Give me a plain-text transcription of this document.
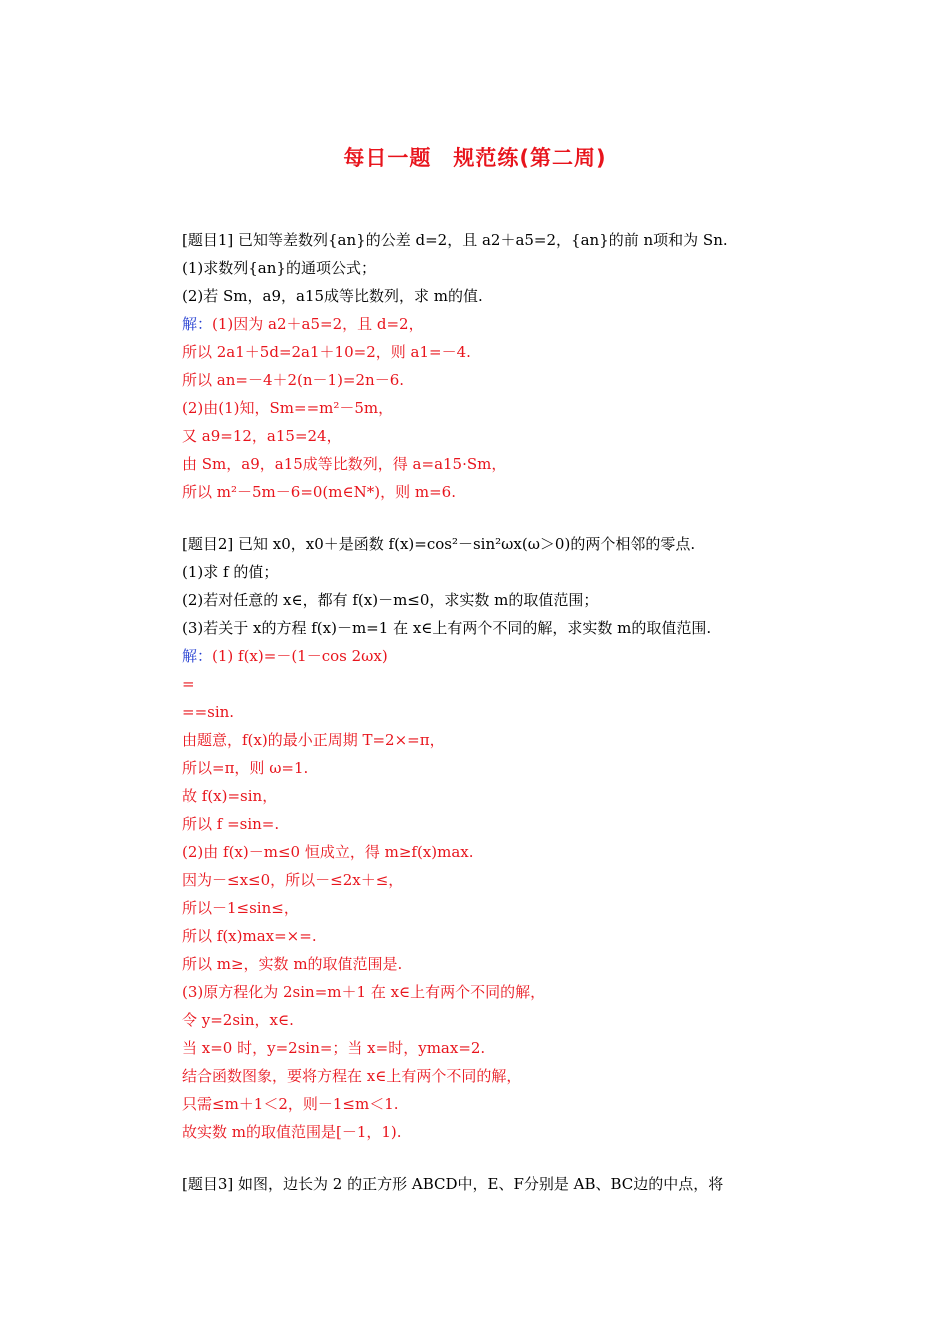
每日一题　规范练(第二周)
[题目1] 已知等差数列{an}的公差 d=2，且 a2＋a5=2，{an}的前 n项和为 Sn.
(1)求数列{an}的通项公式；
(2)若 Sm，a9，a15成等比数列，求 m的值.
解：(1)因为 a2＋a5=2，且 d=2，
所以 2a1＋5d=2a1＋10=2，则 a1=－4.
所以 an=－4＋2(n－1)=2n－6.
(2)由(1)知，Sm==m²－5m，
又 a9=12，a15=24，
由 Sm，a9，a15成等比数列，得 a=a15·Sm，
所以 m²－5m－6=0(m∈N*)，则 m=6.
[题目2] 已知 x0，x0＋是函数 f(x)=cos²－sin²ωx(ω＞0)的两个相邻的零点.
(1)求 f 的值；
(2)若对任意的 x∈，都有 f(x)－m≤0，求实数 m的取值范围；
(3)若关于 x的方程 f(x)－m=1 在 x∈上有两个不同的解，求实数 m的取值范围.
解：(1) f(x)=－(1－cos 2ωx)
=
==sin.
由题意，f(x)的最小正周期 T=2×=π，
所以=π，则 ω=1.
故 f(x)=sin，
所以 f =sin=.
(2)由 f(x)－m≤0 恒成立，得 m≥f(x)max.
因为－≤x≤0，所以－≤2x＋≤，
所以－1≤sin≤，
所以 f(x)max=×=.
所以 m≥，实数 m的取值范围是.
(3)原方程化为 2sin=m＋1 在 x∈上有两个不同的解，
令 y=2sin，x∈.
当 x=0 时，y=2sin=；当 x=时，ymax=2.
结合函数图象，要将方程在 x∈上有两个不同的解，
只需≤m＋1＜2，则－1≤m＜1.
故实数 m的取值范围是[－1，1).
[题目3] 如图，边长为 2 的正方形 ABCD中，E、F分别是 AB、BC边的中点，将
